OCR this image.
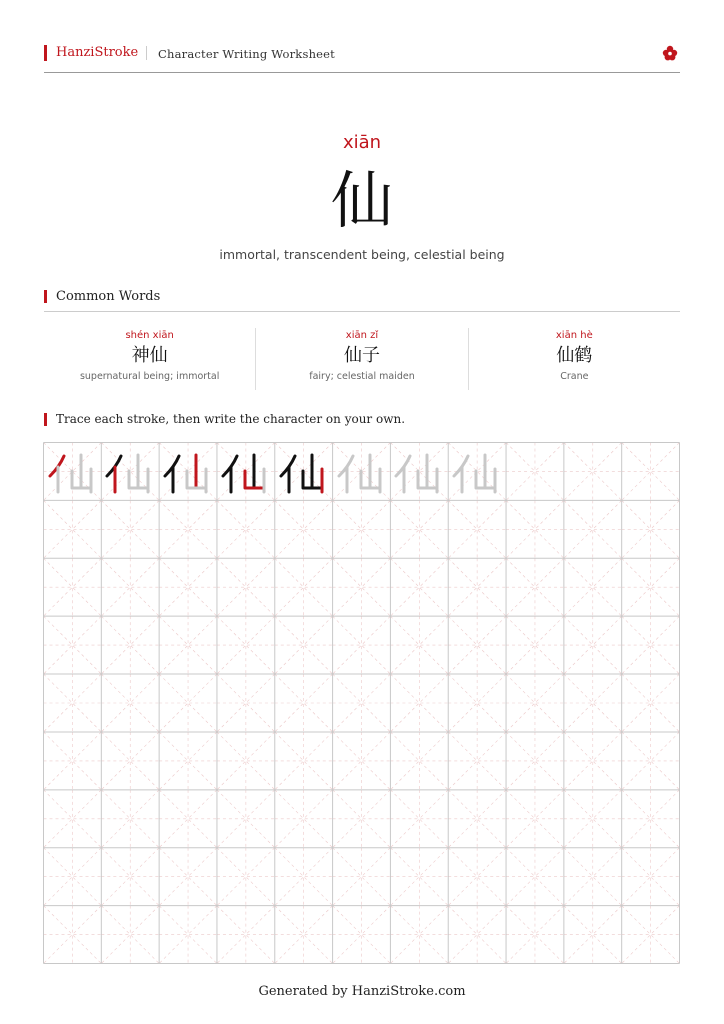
HanziStroke Character Writing Worksheet
xiān
仙
immortal, transcendent being, celestial being
Common Words
shén xiān
神仙
supernatural being; immortal
xiān zǐ
仙子
fairy; celestial maiden
xiān hè
仙鹤
Crane
Trace each stroke, then write the character on your own.
Generated by HanziStroke.com
